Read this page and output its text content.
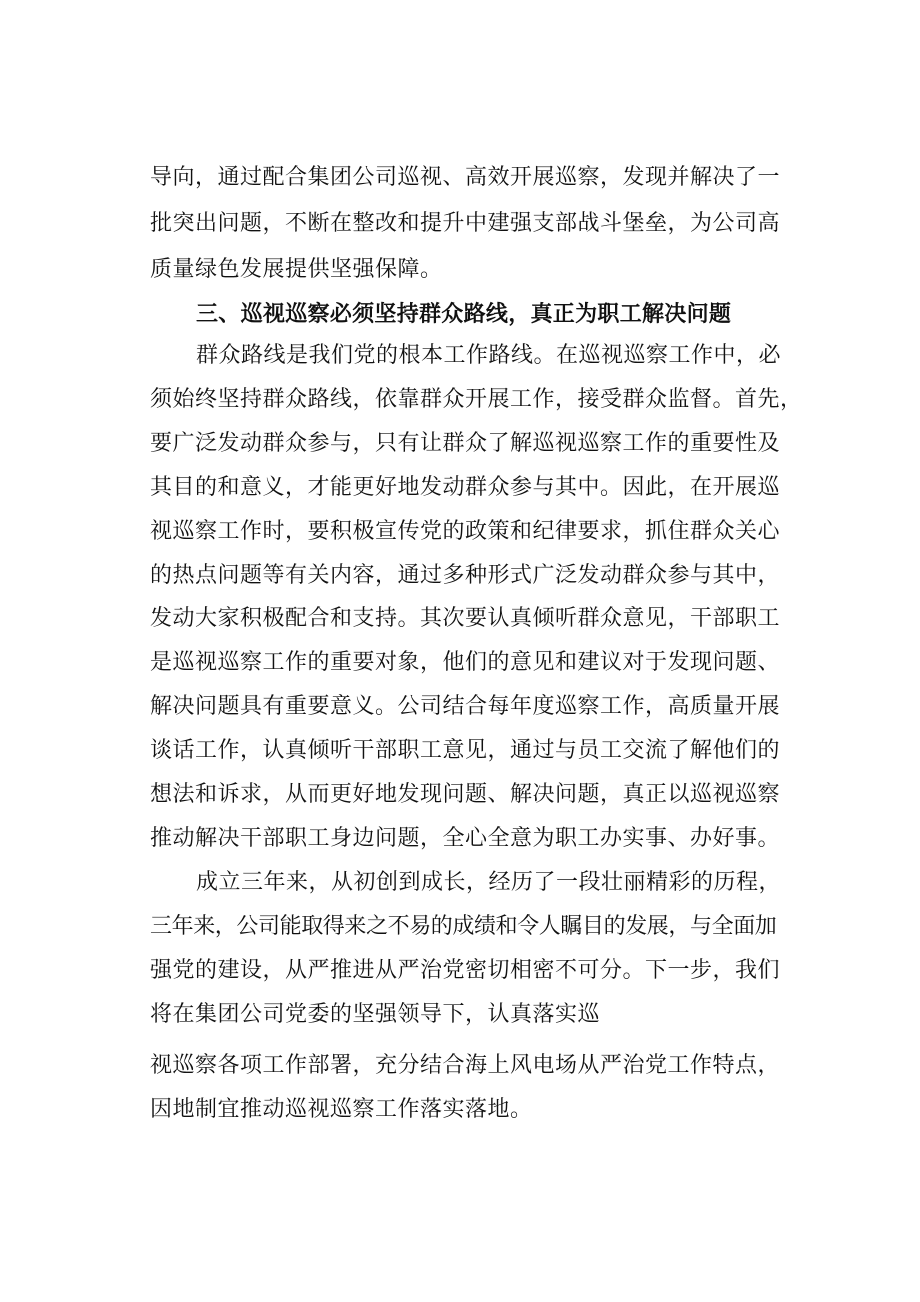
导向，通过配合集团公司巡视、高效开展巡察，发现并解决了一
批突出问题，不断在整改和提升中建强支部战斗堡垒，为公司高
质量绿色发展提供坚强保障。
三、巡视巡察必须坚持群众路线，真正为职工解决问题
群众路线是我们党的根本工作路线。在巡视巡察工作中，必
须始终坚持群众路线，依靠群众开展工作，接受群众监督。首先，
要广泛发动群众参与，只有让群众了解巡视巡察工作的重要性及
其目的和意义，才能更好地发动群众参与其中。因此，在开展巡
视巡察工作时，要积极宣传党的政策和纪律要求，抓住群众关心
的热点问题等有关内容，通过多种形式广泛发动群众参与其中，
发动大家积极配合和支持。其次要认真倾听群众意见，干部职工
是巡视巡察工作的重要对象，他们的意见和建议对于发现问题、
解决问题具有重要意义。公司结合每年度巡察工作，高质量开展
谈话工作，认真倾听干部职工意见，通过与员工交流了解他们的
想法和诉求，从而更好地发现问题、解决问题，真正以巡视巡察
推动解决干部职工身边问题，全心全意为职工办实事、办好事。
成立三年来，从初创到成长，经历了一段壮丽精彩的历程，
三年来，公司能取得来之不易的成绩和令人瞩目的发展，与全面加
强党的建设，从严推进从严治党密切相密不可分。下一步，我们
将在集团公司党委的坚强领导下，认真落实巡
视巡察各项工作部署，充分结合海上风电场从严治党工作特点，
因地制宜推动巡视巡察工作落实落地。
